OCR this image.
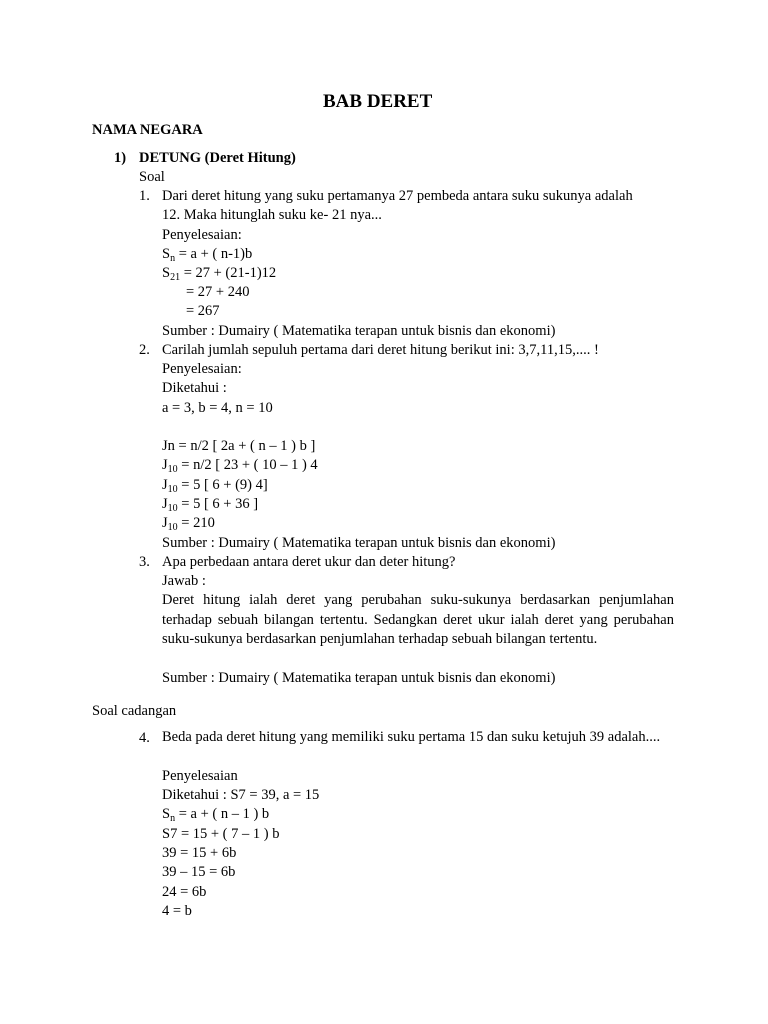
BAB DERET
NAMA NEGARA
1) DETUNG (Deret Hitung)
Soal
1. Dari deret hitung yang suku pertamanya 27 pembeda antara suku sukunya adalah
12. Maka hitunglah suku ke- 21 nya...
Penyelesaian:
$S_n = a$ + ( n-1)b
$S_{21} = 27 + (21-1)12$
= 27 + 240
= 267
Sumber : Dumairy ( Matematika terapan untuk bisnis dan ekonomi)
2. Carilah jumlah sepuluh pertama dari deret hitung berikut ini: 3,7,11,15,.... !
Penyelesaian:
Diketahui :
a = 3, b = 4, n = 10
Jn = n/2 [ 2a + ( n – 1 ) b ]
$J_{10} = n/2$ [ 23 + ( 10 – 1 ) 4
$J_{10} = 5$ [ 6 + (9) 4]
$J_{10} = 5$ [ 6 + 36 ]
$J_{10} = 210$
Sumber : Dumairy ( Matematika terapan untuk bisnis dan ekonomi)
3. Apa perbedaan antara deret ukur dan deter hitung?
Jawab :
Deret hitung ialah deret yang perubahan suku-sukunya berdasarkan penjumlahan terhadap sebuah bilangan tertentu. Sedangkan deret ukur ialah deret yang perubahan suku-sukunya berdasarkan penjumlahan terhadap sebuah bilangan tertentu.
Sumber : Dumairy ( Matematika terapan untuk bisnis dan ekonomi)
Soal cadangan
4. Beda pada deret hitung yang memiliki suku pertama 15 dan suku ketujuh 39 adalah....
Penyelesaian
Diketahui : S7 = 39, a = 15
$S_n = a$ + ( n – 1 ) b
S7 = 15 + ( 7 – 1 ) b
39 = 15 + 6b
39 – 15 = 6b
24 = 6b
4 = b
